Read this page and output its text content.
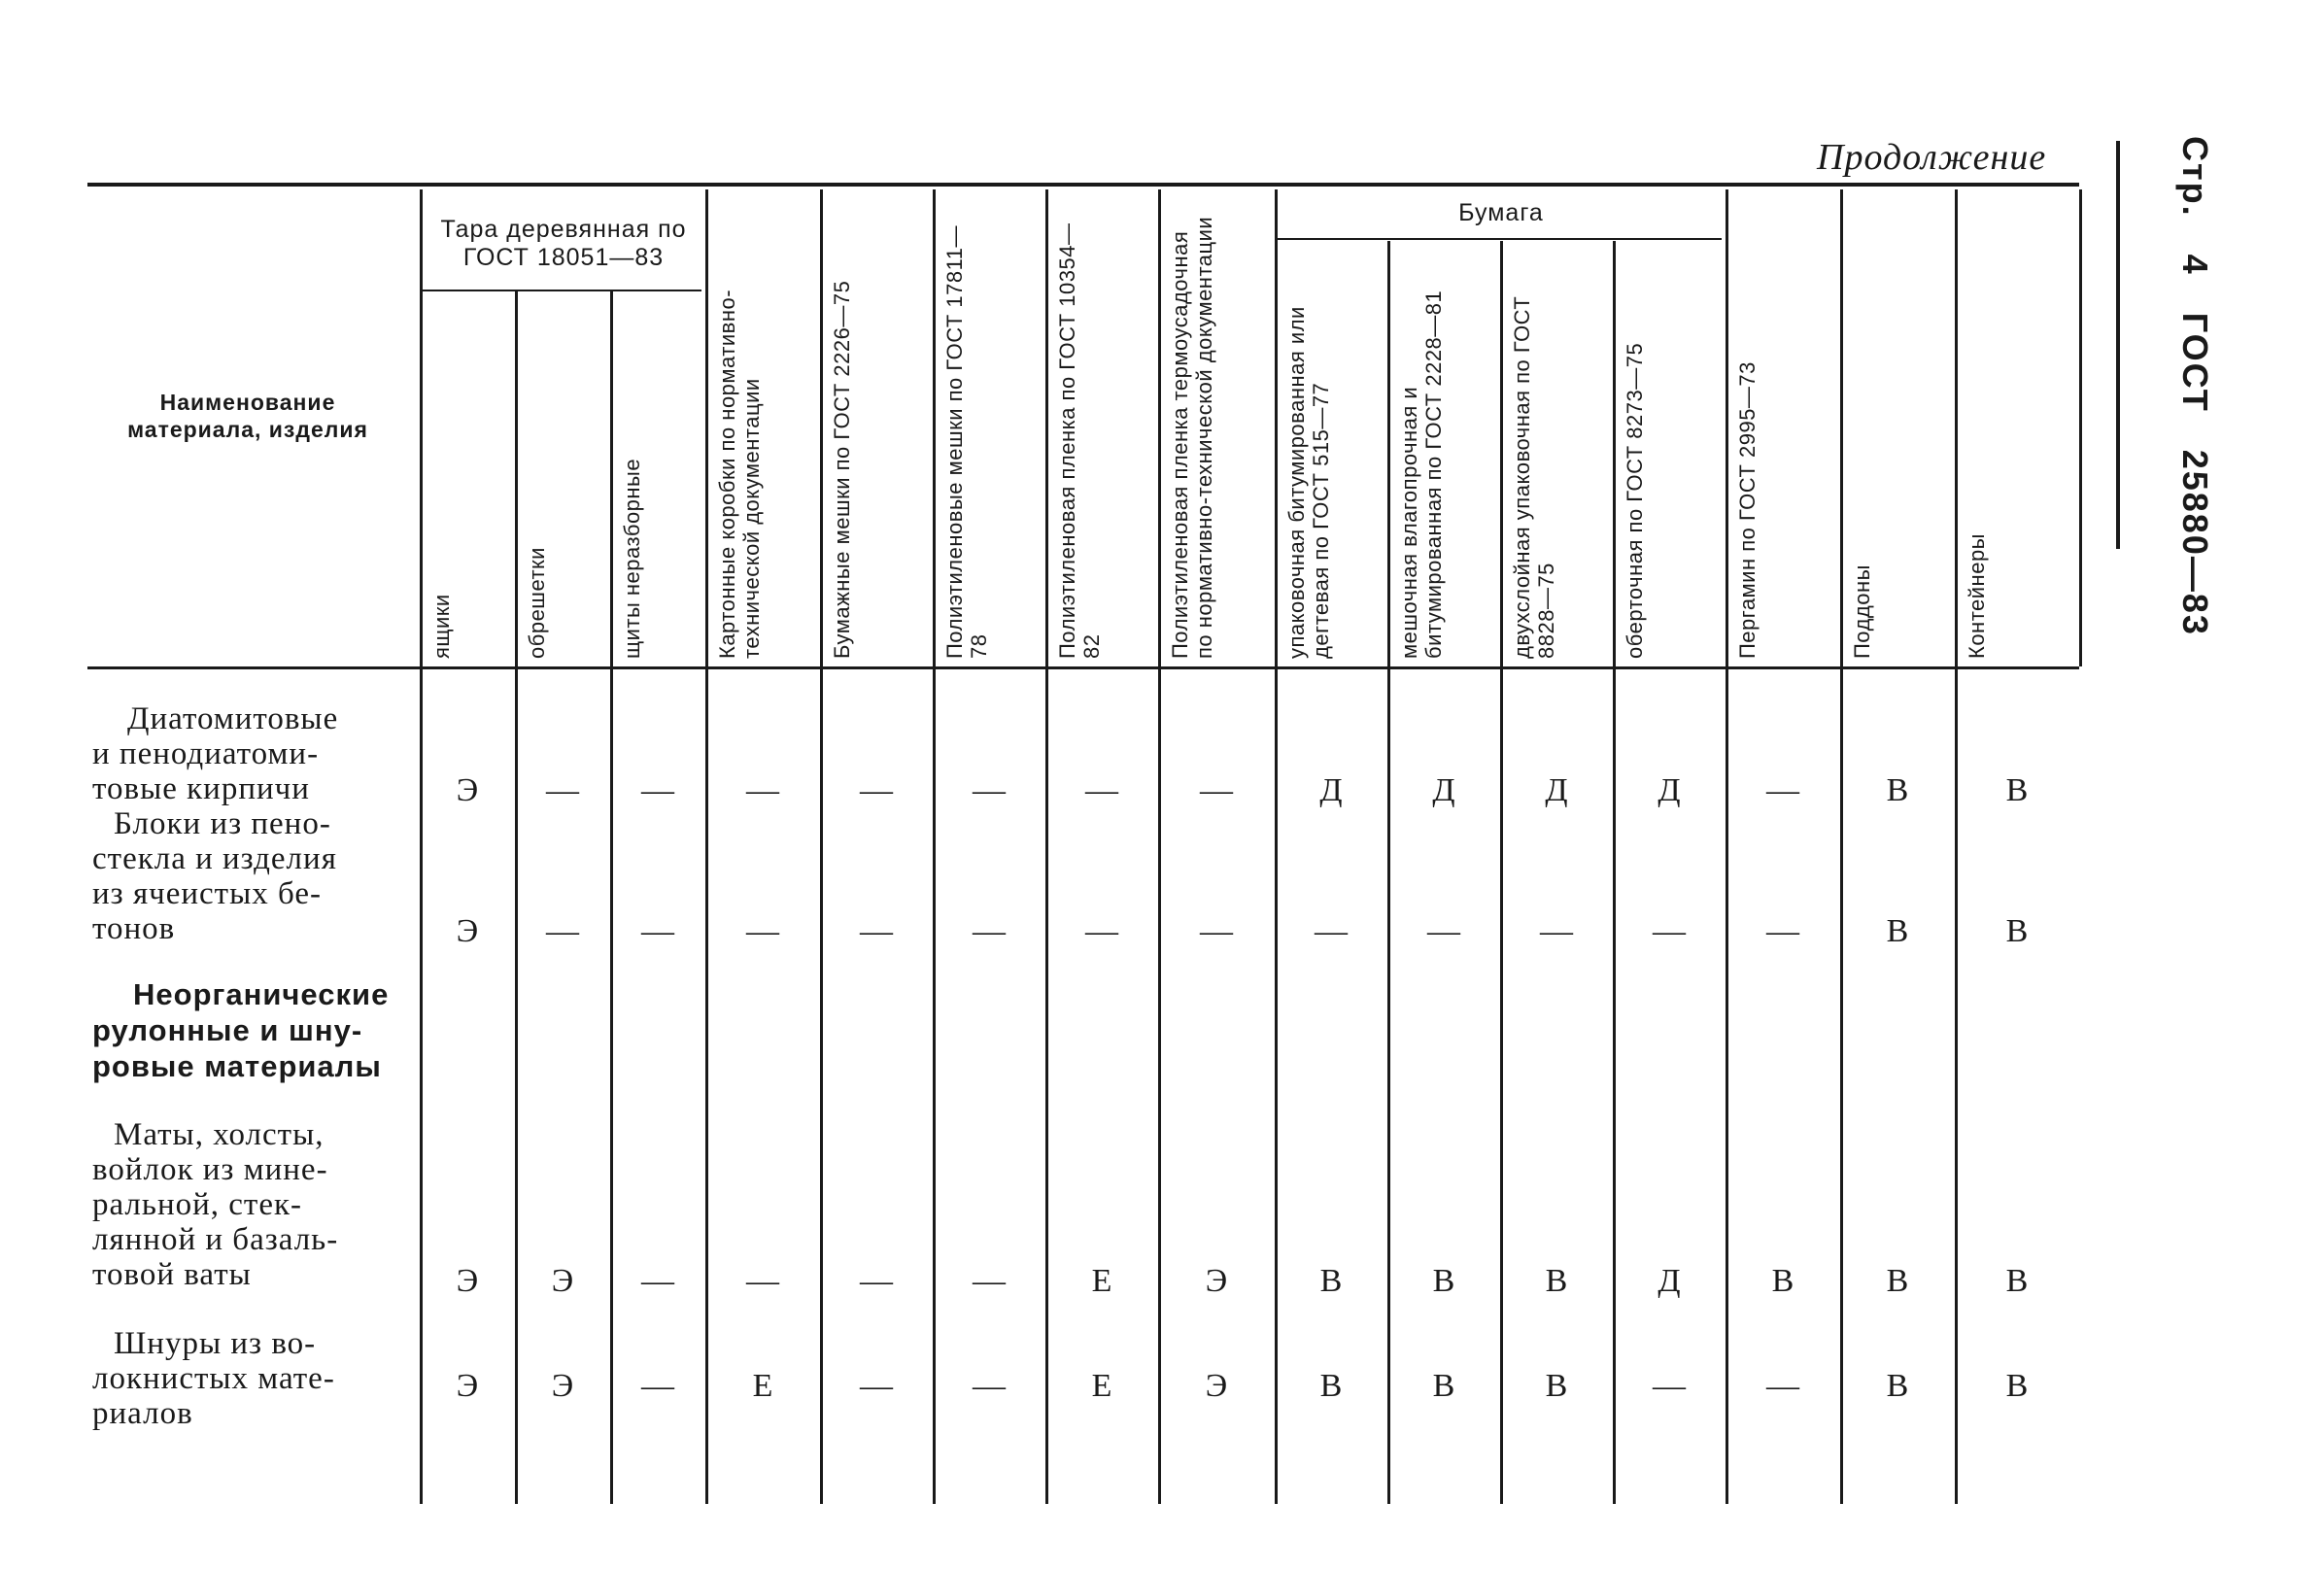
Продолжение	Стр. 4 ГОСТ 25880—83
Наименование материала, изделия
Тара деревянная по ГОСТ 18051—83
Бумага
ящики	обрешетки	щиты неразборные	Картонные коробки по нормативно-технической документации	Бумажные мешки по ГОСТ 2226—75	Полиэтиленовые мешки по ГОСТ 17811—78	Полиэтиленовая пленка по ГОСТ 10354—82	Полиэтиленовая пленка термоусадочная по нормативно-технической документации	упаковочная битумированная или дегтевая по ГОСТ 515—77	мешочная влагопрочная и битумированная по ГОСТ 2228—81	двухслойная упаковочная по ГОСТ 8828—75	оберточная по ГОСТ 8273—75	Пергамин по ГОСТ 2995—73	Поддоны	Контейнеры
Диатомитовые
и пенодиатоми-
товые кирпичи	Э	—	—	—	—	—	—	—	Д	Д	Д	Д	—	В	В
Блоки из пено-
стекла и изделия
из ячеистых бе-
тонов	Э	—	—	—	—	—	—	—	—	—	—	—	—	В	В
Неорганические
рулонные и шну-
ровые материалы
Маты, холсты,
войлок из мине-
ральной, стек-
лянной и базаль-
товой ваты	Э	Э	—	—	—	—	Е	Э	В	В	В	Д	В	В	В
Шнуры из во-
локнистых мате-
риалов
Э	Э	—	Е	—	—	Е	Э	В	В	В	—	—	В	В
